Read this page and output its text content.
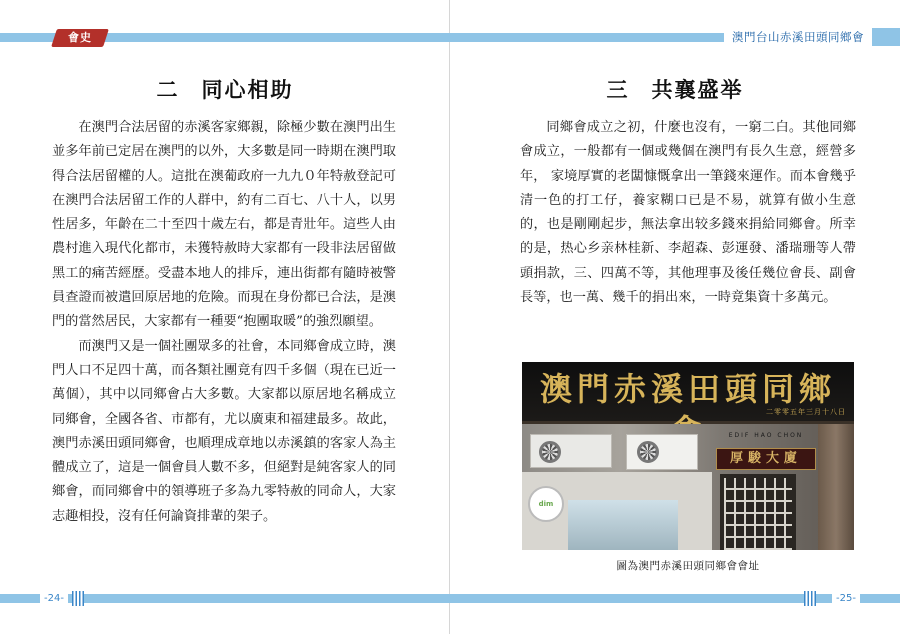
會史
二 同心相助

在澳門合法居留的赤溪客家鄉親，除極少數在澳門出生並多年前已定居在澳門的以外，大多數是同一時期在澳門取得合法居留權的人。這批在澳葡政府一九九０年特赦登記可在澳門合法居留工作的人群中，約有二百七、八十人，以男性居多，年齡在二十至四十歲左右，都是青壯年。這些人由農村進入現代化都市，未獲特赦時大家都有一段非法居留做黑工的痛苦經歷。受盡本地人的排斥，連出街都有隨時被警員查證而被遣回原居地的危險。而現在身份都已合法，是澳門的當然居民，大家都有一種要“抱團取暖”的強烈願望。

而澳門又是一個社團眾多的社會，本同鄉會成立時，澳門人口不足四十萬，而各類社團竟有四千多個（現在已近一萬個），其中以同鄉會占大多數。大家都以原居地名稱成立同鄉會，全國各省、市都有，尤以廣東和福建最多。故此，澳門赤溪田頭同鄉會，也順理成章地以赤溪鎮的客家人為主體成立了，這是一個會員人數不多，但絕對是純客家人的同鄉會，而同鄉會中的領導班子多為九零特赦的同命人，大家志趣相投，沒有任何論資排輩的架子。

-24-
澳門台山赤溪田頭同鄉會
三 共襄盛举

同鄉會成立之初，什麼也沒有，一窮二白。其他同鄉會成立，一般都有一個或幾個在澳門有長久生意，經營多年， 家境厚實的老闆慷慨拿出一筆錢來運作。而本會幾乎清一色的打工仔，養家糊口已是不易，就算有做小生意的，也是剛剛起步，無法拿出较多錢來捐給同鄉會。所幸的是，热心乡亲林桂新、李超森、彭運發、潘瑞珊等人帶頭捐款，三、四萬不等，其他理事及後任幾位會長、副會長等，也一萬、幾千的捐出來，一時竟集資十多萬元。

澳門赤溪田頭同鄉
二零零五年三月十八日
dim
EDIF HAO CHON
厚駿大廈
圖為澳門赤溪田頭同鄉會會址
-25-
